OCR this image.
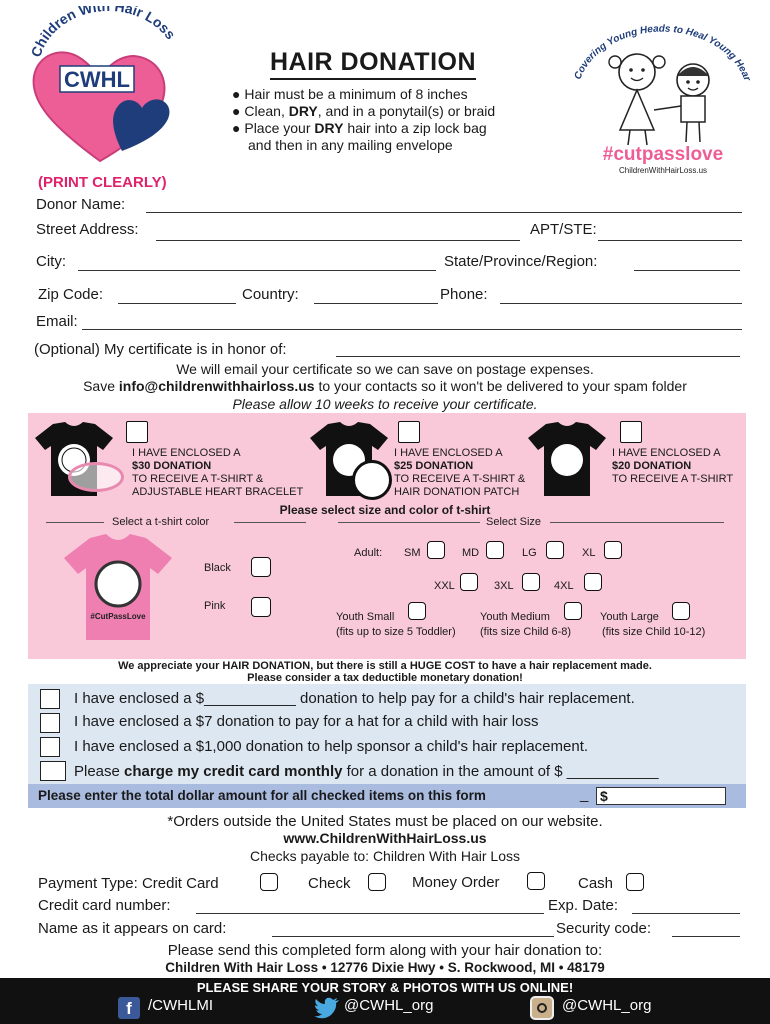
Children With Hair Loss
CWHL
HAIR DONATION
● Hair must be a minimum of 8 inches
● Clean, DRY, and in a ponytail(s) or braid
● Place your DRY hair into a zip lock bag
and then in any mailing envelope
Covering Young Heads to Heal Young Hear
#cutpasslove
ChildrenWithHairLoss.us
(PRINT CLEARLY)
Donor Name:
Street Address:	APT/STE:
City:	State/Province/Region:
Zip Code:	Country:	Phone:
Email:
(Optional) My certificate is in honor of:
We will email your certificate so we can save on postage expenses.
Save info@childrenwithhairloss.us to your contacts so it won't be delivered to your spam folder
Please allow 10 weeks to receive your certificate.
I HAVE ENCLOSED A
$30 DONATION
TO RECEIVE A T-SHIRT &
ADJUSTABLE HEART BRACELET
I HAVE ENCLOSED A
$25 DONATION
TO RECEIVE A T-SHIRT &
HAIR DONATION PATCH
I HAVE ENCLOSED A
$20 DONATION
TO RECEIVE A T-SHIRT
Please select size and color of t-shirt
Select a t-shirt color	Select Size
#CutPassLove
Black
Pink
Adult: SM	MD	LG	XL
XXL	3XL	4XL
Youth Small
(fits up to size 5 Toddler)
Youth Medium
(fits size Child 6-8)
Youth Large
(fits size Child 10-12)
We appreciate your HAIR DONATION, but there is still a HUGE COST to have a hair replacement made.
Please consider a tax deductible monetary donation!
I have enclosed a $___________ donation to help pay for a child's hair replacement.
I have enclosed a $7 donation to pay for a hat for a child with hair loss
I have enclosed a $1,000 donation to help sponsor a child's hair replacement.
Please charge my credit card monthly for a donation in the amount of $ ___________
Please enter the total dollar amount for all checked items on this form	_ $
*Orders outside the United States must be placed on our website.
www.ChildrenWithHairLoss.us
Checks payable to: Children With Hair Loss
Payment Type: Credit Card	Check	Money Order	Cash
Credit card number:	Exp. Date:
Name as it appears on card:	Security code:
Please send this completed form along with your hair donation to:
Children With Hair Loss • 12776 Dixie Hwy • S. Rockwood, MI • 48179
PLEASE SHARE YOUR STORY & PHOTOS WITH US ONLINE!
f	/CWHLMI	@CWHL_org	@CWHL_org
